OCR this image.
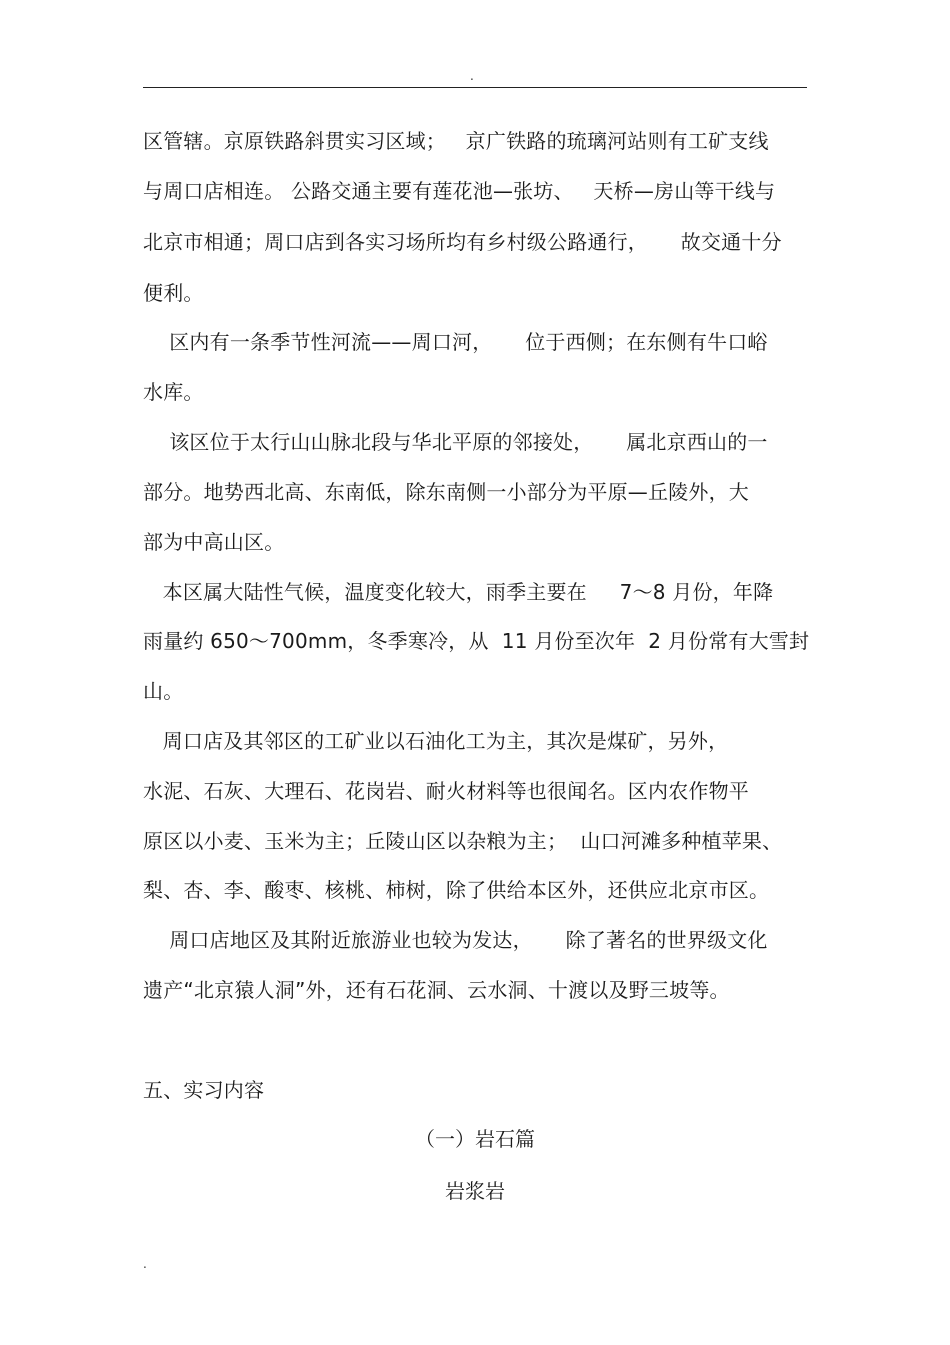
.
区管辖。京原铁路斜贯实习区域；   京广铁路的琉璃河站则有工矿支线
与周口店相连。 公路交通主要有莲花池—张坊、   天桥—房山等干线与
北京市相通；周口店到各实习场所均有乡村级公路通行，     故交通十分
便利。
区内有一条季节性河流——周口河，     位于西侧；在东侧有牛口峪
水库。
该区位于太行山山脉北段与华北平原的邻接处，     属北京西山的一
部分。地势西北高、东南低，除东南侧一小部分为平原—丘陵外，大
部为中高山区。
本区属大陆性气候，温度变化较大，雨季主要在     7～8 月份，年降
雨量约 650～700mm，冬季寒冷，从  11 月份至次年  2 月份常有大雪封
山。
周口店及其邻区的工矿业以石油化工为主，其次是煤矿，另外，
水泥、石灰、大理石、花岗岩、耐火材料等也很闻名。区内农作物平
原区以小麦、玉米为主；丘陵山区以杂粮为主；  山口河滩多种植苹果、
梨、杏、李、酸枣、核桃、柿树，除了供给本区外，还供应北京市区。
周口店地区及其附近旅游业也较为发达，     除了著名的世界级文化
遗产“北京猿人洞”外，还有石花洞、云水洞、十渡以及野三坡等。
五、实习内容
（一）岩石篇
岩浆岩
.
